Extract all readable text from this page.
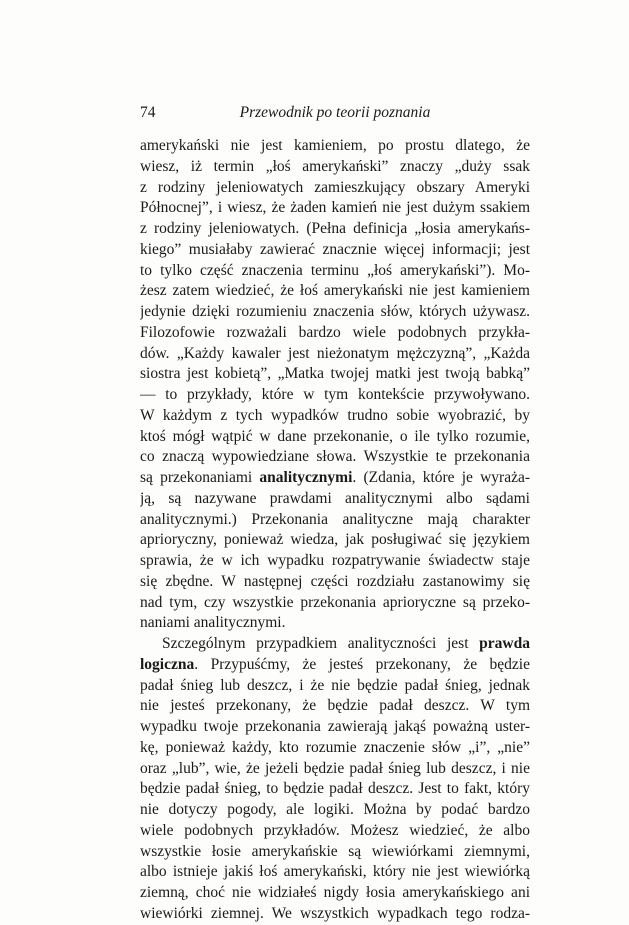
74	Przewodnik po teorii poznania
amerykański nie jest kamieniem, po prostu dlatego, że
wiesz, iż termin „łoś amerykański” znaczy „duży ssak
z rodziny jeleniowatych zamieszkujący obszary Ameryki
Północnej”, i wiesz, że żaden kamień nie jest dużym ssakiem
z rodziny jeleniowatych. (Pełna definicja „łosia amerykańs-
kiego” musiałaby zawierać znacznie więcej informacji; jest
to tylko część znaczenia terminu „łoś amerykański”). Mo-
żesz zatem wiedzieć, że łoś amerykański nie jest kamieniem
jedynie dzięki rozumieniu znaczenia słów, których używasz.
Filozofowie rozważali bardzo wiele podobnych przykła-
dów. „Każdy kawaler jest nieżonatym mężczyzną”, „Każda
siostra jest kobietą”, „Matka twojej matki jest twoją babką”
— to przykłady, które w tym kontekście przywoływano.
W każdym z tych wypadków trudno sobie wyobrazić, by
ktoś mógł wątpić w dane przekonanie, o ile tylko rozumie,
co znaczą wypowiedziane słowa. Wszystkie te przekonania
są przekonaniami analitycznymi. (Zdania, które je wyraża-
ją, są nazywane prawdami analitycznymi albo sądami
analitycznymi.) Przekonania analityczne mają charakter
aprioryczny, ponieważ wiedza, jak posługiwać się językiem
sprawia, że w ich wypadku rozpatrywanie świadectw staje
się zbędne. W następnej części rozdziału zastanowimy się
nad tym, czy wszystkie przekonania aprioryczne są przeko-
naniami analitycznymi.
Szczególnym przypadkiem analityczności jest prawda
logiczna. Przypuśćmy, że jesteś przekonany, że będzie
padał śnieg lub deszcz, i że nie będzie padał śnieg, jednak
nie jesteś przekonany, że będzie padał deszcz. W tym
wypadku twoje przekonania zawierają jakąś poważną uster-
kę, ponieważ każdy, kto rozumie znaczenie słów „i”, „nie”
oraz „lub”, wie, że jeżeli będzie padał śnieg lub deszcz, i nie
będzie padał śnieg, to będzie padał deszcz. Jest to fakt, który
nie dotyczy pogody, ale logiki. Można by podać bardzo
wiele podobnych przykładów. Możesz wiedzieć, że albo
wszystkie łosie amerykańskie są wiewiórkami ziemnymi,
albo istnieje jakiś łoś amerykański, który nie jest wiewiórką
ziemną, choć nie widziałeś nigdy łosia amerykańskiego ani
wiewiórki ziemnej. We wszystkich wypadkach tego rodza-
